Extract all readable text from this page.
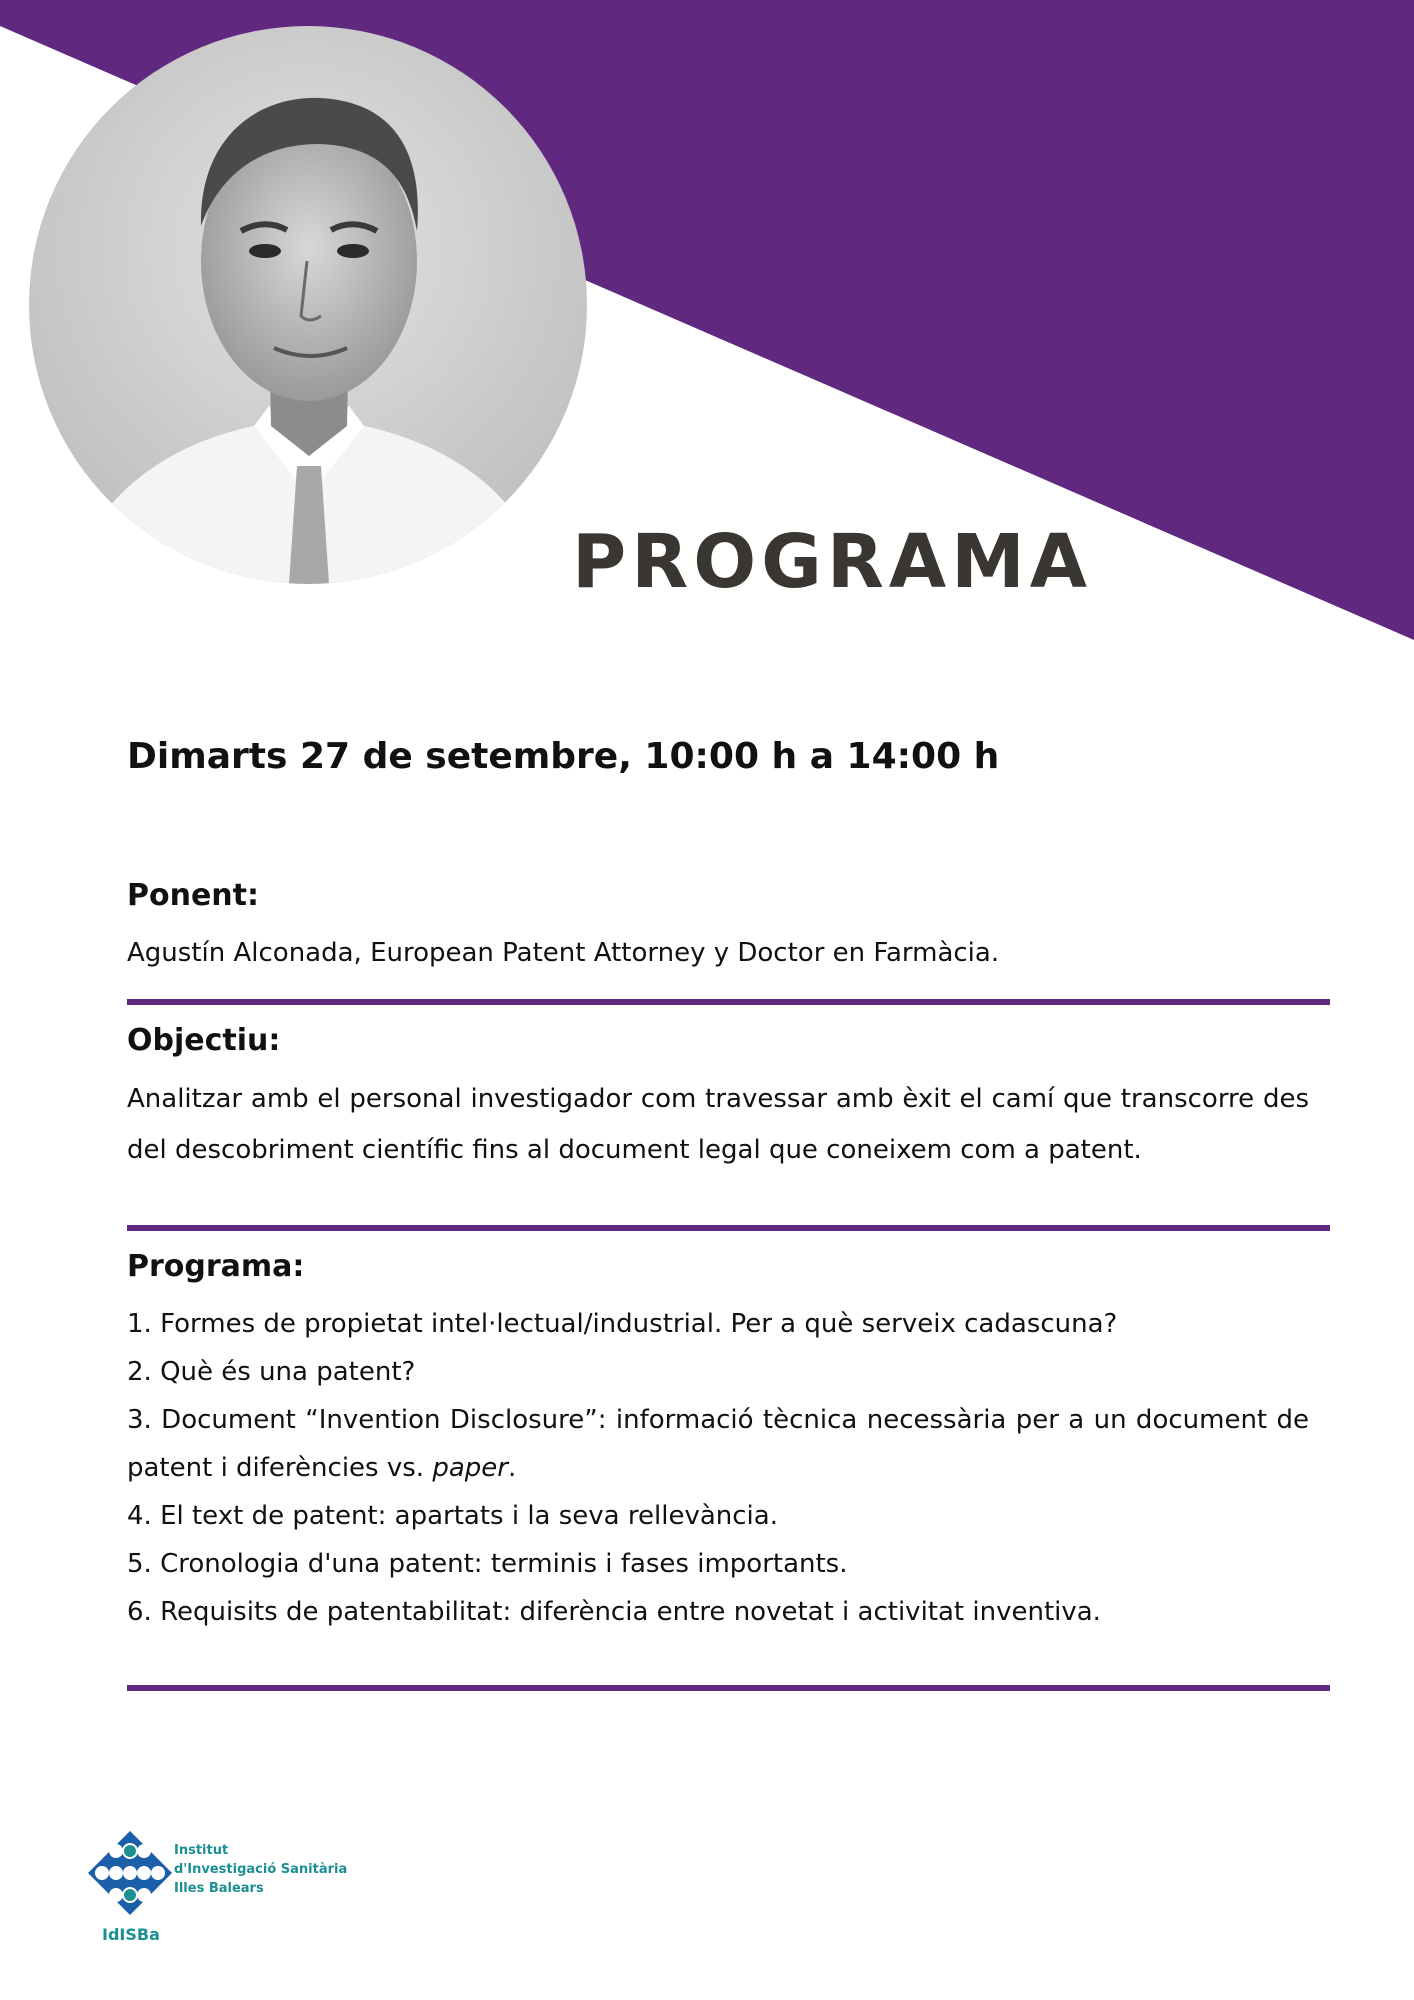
PROGRAMA

Dimarts 27 de setembre, 10:00 h a 14:00 h

Ponent:

Agustín Alconada, European Patent Attorney y Doctor en Farmàcia.

Objectiu:

Analitzar amb el personal investigador com travessar amb èxit el camí que transcorre des del descobriment científic fins al document legal que coneixem com a patent.

Programa:
1. Formes de propietat intel·lectual/industrial. Per a què serveix cadascuna?
2. Què és una patent?
3. Document “Invention Disclosure”: informació tècnica necessària per a un document de patent i diferències vs. paper.
4. El text de patent: apartats i la seva rellevància.
5. Cronologia d'una patent: terminis i fases importants.
6. Requisits de patentabilitat: diferència entre novetat i activitat inventiva.

Institut
d'Investigació Sanitària
Illes Balears

IdISBa
